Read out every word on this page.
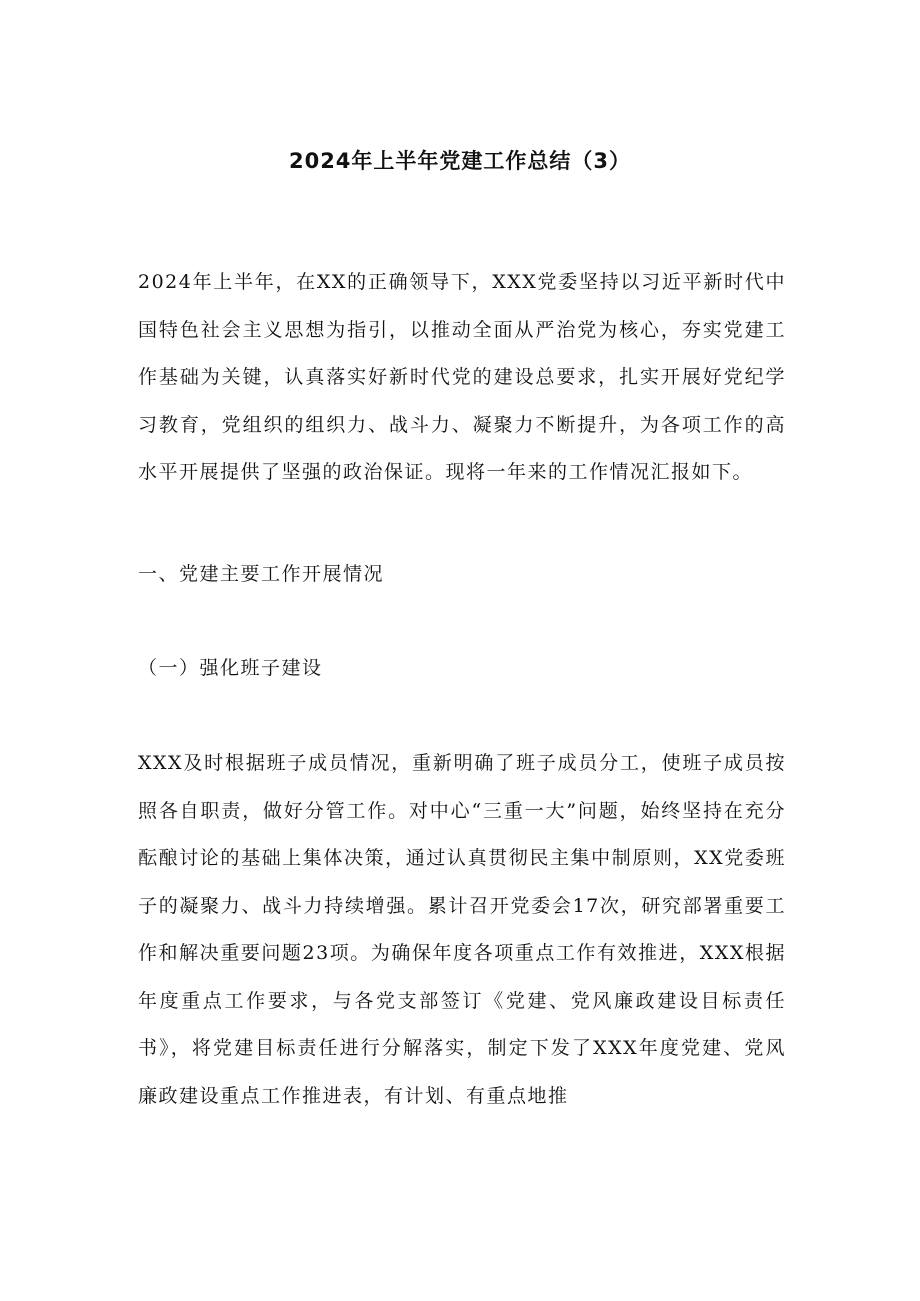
2024年上半年党建工作总结（3）
2024年上半年，在XX的正确领导下，XXX党委坚持以习近平新时代中国特色社会主义思想为指引，以推动全面从严治党为核心，夯实党建工作基础为关键，认真落实好新时代党的建设总要求，扎实开展好党纪学习教育，党组织的组织力、战斗力、凝聚力不断提升，为各项工作的高水平开展提供了坚强的政治保证。现将一年来的工作情况汇报如下。
一、党建主要工作开展情况
（一）强化班子建设
XXX及时根据班子成员情况，重新明确了班子成员分工，使班子成员按照各自职责，做好分管工作。对中心“三重一大”问题，始终坚持在充分酝酿讨论的基础上集体决策，通过认真贯彻民主集中制原则，XX党委班子的凝聚力、战斗力持续增强。累计召开党委会17次，研究部署重要工作和解决重要问题23项。为确保年度各项重点工作有效推进，XXX根据年度重点工作要求，与各党支部签订《党建、党风廉政建设目标责任书》，将党建目标责任进行分解落实，制定下发了XXX年度党建、党风廉政建设重点工作推进表，有计划、有重点地推
